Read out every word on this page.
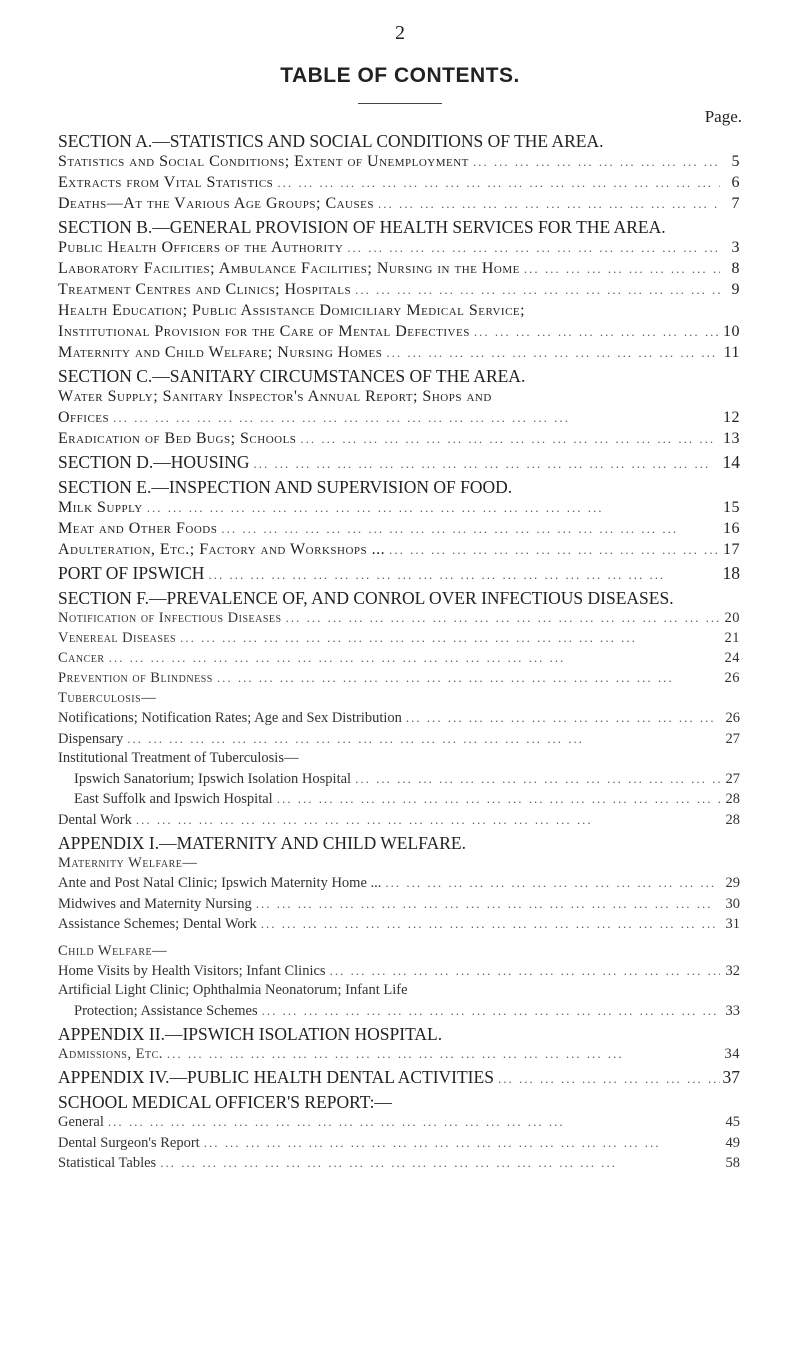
2
TABLE OF CONTENTS.
Page.
SECTION A.—STATISTICS AND SOCIAL CONDITIONS OF THE AREA.
Statistics and Social Conditions; Extent of Unemployment ... .	5
Extracts from Vital Statistics ... .	6
Deaths—At the Various Age Groups; Causes ... .	7
SECTION B.—GENERAL PROVISION OF HEALTH SERVICES FOR THE AREA.
Public Health Officers of the Authority ... .	3
Laboratory Facilities; Ambulance Facilities; Nursing in the Home ... .	8
Treatment Centres and Clinics; Hospitals ... .	9
Health Education; Public Assistance Domiciliary Medical Service;
Institutional Provision for the Care of Mental Defectives ... .	10
Maternity and Child Welfare; Nursing Homes ... .	11
SECTION C.—SANITARY CIRCUMSTANCES OF THE AREA.
Water Supply; Sanitary Inspector's Annual Report; Shops and
Offices ... .	12
Eradication of Bed Bugs; Schools ... .	13
SECTION D.—HOUSING ... .	14
SECTION E.—INSPECTION AND SUPERVISION OF FOOD.
Milk Supply ... .	15
Meat and Other Foods ... .	16
Adulteration, Etc.; Factory and Workshops ... ... .	17
PORT OF IPSWICH ... .	18
SECTION F.—PREVALENCE OF, AND CONROL OVER INFECTIOUS DISEASES.
Notification of Infectious Diseases ... .	20
Venereal Diseases ... .	21
Cancer ... .	24
Prevention of Blindness ... .	26
Tuberculosis—
Notifications; Notification Rates; Age and Sex Distribution ... .	26
Dispensary ... .	27
Institutional Treatment of Tuberculosis—
Ipswich Sanatorium; Ipswich Isolation Hospital ... .	27
East Suffolk and Ipswich Hospital ... .	28
Dental Work ... .	28
APPENDIX I.—MATERNITY AND CHILD WELFARE.
Maternity Welfare—
Ante and Post Natal Clinic; Ipswich Maternity Home ... ... .	29
Midwives and Maternity Nursing ... .	30
Assistance Schemes; Dental Work ... .	31
Child Welfare—
Home Visits by Health Visitors; Infant Clinics ... .	32
Artificial Light Clinic; Ophthalmia Neonatorum; Infant Life
Protection; Assistance Schemes ... .	33
APPENDIX II.—IPSWICH ISOLATION HOSPITAL.
Admissions, Etc. ... .	34
APPENDIX IV.—PUBLIC HEALTH DENTAL ACTIVITIES ... .	37
SCHOOL MEDICAL OFFICER'S REPORT:—
General ... .	45
Dental Surgeon's Report ... .	49
Statistical Tables ... .	58
